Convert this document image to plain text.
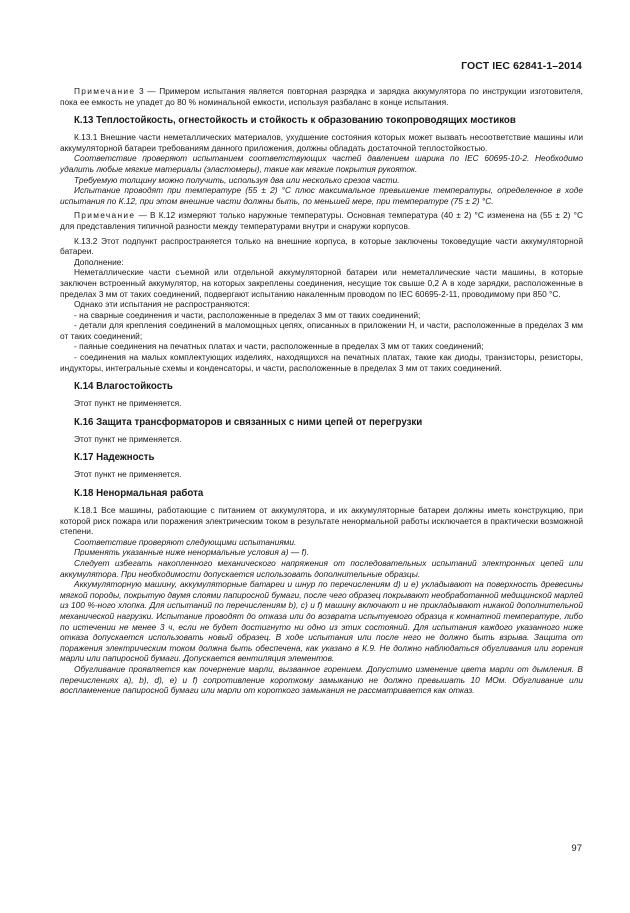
ГОСТ IEC 62841-1–2014

Примечание 3 — Примером испытания является повторная разрядка и зарядка аккумулятора по инструкции изготовителя, пока ее емкость не упадет до 80 % номинальной емкости, используя разбаланс в конце испытания.

К.13 Теплостойкость, огнестойкость и стойкость к образованию токопроводящих мостиков

К.13.1 Внешние части неметаллических материалов, ухудшение состояния которых может вызвать несоответствие машины или аккумуляторной батареи требованиям данного приложения, должны обладать достаточной теплостойкостью.

Соответствие проверяют испытанием соответствующих частей давлением шарика по IEC 60695-10-2. Необходимо удалить любые мягкие материалы (эластомеры), такие как мягкие покрытия рукояток.

Требуемую толщину можно получить, используя два или несколько срезов части.

Испытание проводят при температуре (55 ± 2) °С плюс максимальное превышение температуры, определенное в ходе испытания по К.12, при этом внешние части должны быть, по меньшей мере, при температуре (75 ± 2) °С.

Примечание — В К.12 измеряют только наружные температуры. Основная температура (40 ± 2) °С изменена на (55 ± 2) °С для представления типичной разности между температурами внутри и снаружи корпусов.

К.13.2 Этот подпункт распространяется только на внешние корпуса, в которые заключены токоведущие части аккумуляторной батареи.

Дополнение:

Неметаллические части съемной или отдельной аккумуляторной батареи или неметаллические части машины, в которые заключен встроенный аккумулятор, на которых закреплены соединения, несущие ток свыше 0,2 А в ходе зарядки, расположенные в пределах 3 мм от таких соединений, подвергают испытанию накаленным проводом по IEC 60695-2-11, проводимому при 850 °С.

Однако эти испытания не распространяются:

- на сварные соединения и части, расположенные в пределах 3 мм от таких соединений;

- детали для крепления соединений в маломощных цепях, описанных в приложении Н, и части, расположенные в пределах 3 мм от таких соединений;

- паяные соединения на печатных платах и части, расположенные в пределах 3 мм от таких соединений;

- соединения на малых комплектующих изделиях, находящихся на печатных платах, такие как диоды, транзисторы, резисторы, индукторы, интегральные схемы и конденсаторы, и части, расположенные в пределах 3 мм от таких соединений.

К.14 Влагостойкость

Этот пункт не применяется.

К.16 Защита трансформаторов и связанных с ними цепей от перегрузки

Этот пункт не применяется.

К.17 Надежность

Этот пункт не применяется.

К.18 Ненормальная работа

К.18.1 Все машины, работающие с питанием от аккумулятора, и их аккумуляторные батареи должны иметь конструкцию, при которой риск пожара или поражения электрическим током в результате ненормальной работы исключается в практически возможной степени.

Соответствие проверяют следующими испытаниями.

Применять указанные ниже ненормальные условия а) — f).

Следует избегать накопленного механического напряжения от последовательных испытаний электронных цепей или аккумулятора. При необходимости допускается использовать дополнительные образцы.

Аккумуляторную машину, аккумуляторные батареи и шнур по перечислениям d) и e) укладывают на поверхность древесины мягкой породы, покрытую двумя слоями папиросной бумаги, после чего образец покрывают необработанной медицинской марлей из 100 %-ного хлопка. Для испытаний по перечислениям b), c) и f) машину включают и не прикладывают никакой дополнительной механической нагрузки. Испытание проводят до отказа или до возврата испытуемого образца к комнатной температуре, либо по истечении не менее 3 ч, если не будет достигнуто ни одно из этих состояний. Для испытания каждого указанного ниже отказа допускается использовать новый образец. В ходе испытания или после него не должно быть взрыва. Защита от поражения электрическим током должна быть обеспечена, как указано в К.9. Не должно наблюдаться обугливания или горения марли или папиросной бумаги. Допускается вентиляция элементов.

Обугливание проявляется как почернение марли, вызванное горением. Допустимо изменение цвета марли от дымления. В перечислениях а), b), d), e) и f) сопротивление короткому замыканию не должно превышать 10 МОм. Обугливание или воспламенение папиросной бумаги или марли от короткого замыкания не рассматривается как отказ.

97
